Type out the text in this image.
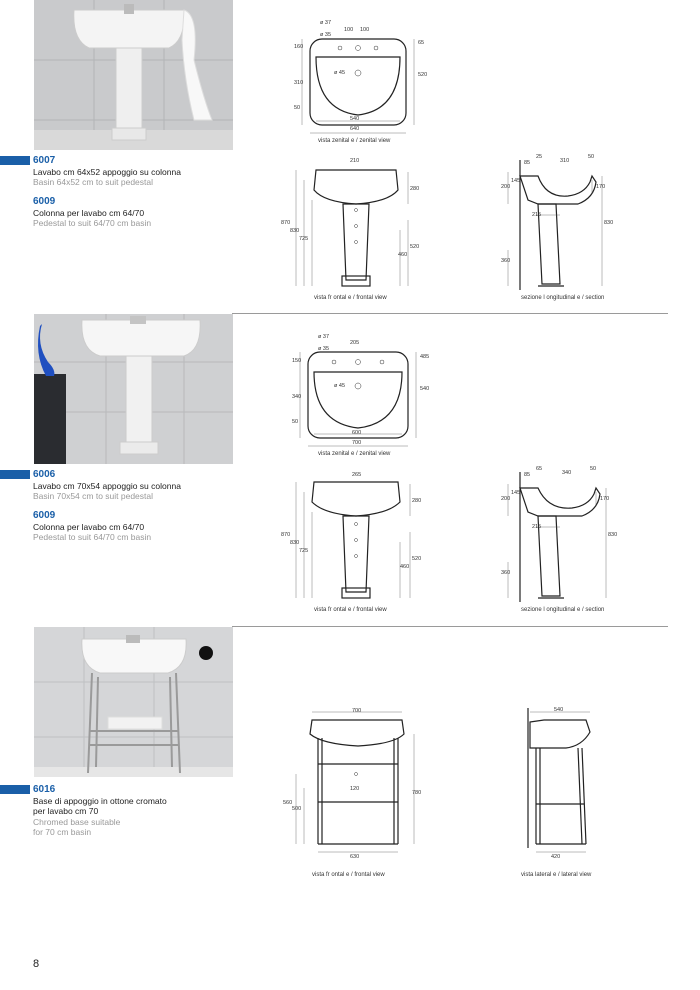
6007
Lavabo cm 64x52 appoggio su colonna
Basin 64x52 cm to suit pedestal
6009
Colonna per lavabo cm 64/70
Pedestal to suit 64/70 cm basin
ø 37
100 100
ø 35
ø 45
160
310
50
65
520
540
640
vista zenital e / zenital view
210
870
830
725
280
520
460
vista fr ontal e / frontal view
25
310
50
85
200
145
170
215
360
830
sezione l ongitudinal e / section
6006
Lavabo cm 70x54 appoggio su colonna
Basin 70x54 cm to suit pedestal
6009
Colonna per lavabo cm 64/70
Pedestal to suit 64/70 cm basin
ø 37
205
ø 35
ø 45
150
340
50
485
540
600
700
vista zenital e / zenital view
265
870
830
725
280
520
460
vista fr ontal e / frontal view
65
340
50
85
200
145
170
215
360
830
sezione l ongitudinal e / section
6016
Base di appoggio in ottone cromato
per lavabo cm 70
Chromed base suitable
for 70 cm basin
700
560
500
780
120
630
vista fr ontal e / frontal view
540
420
vista lateral e / lateral view
8
